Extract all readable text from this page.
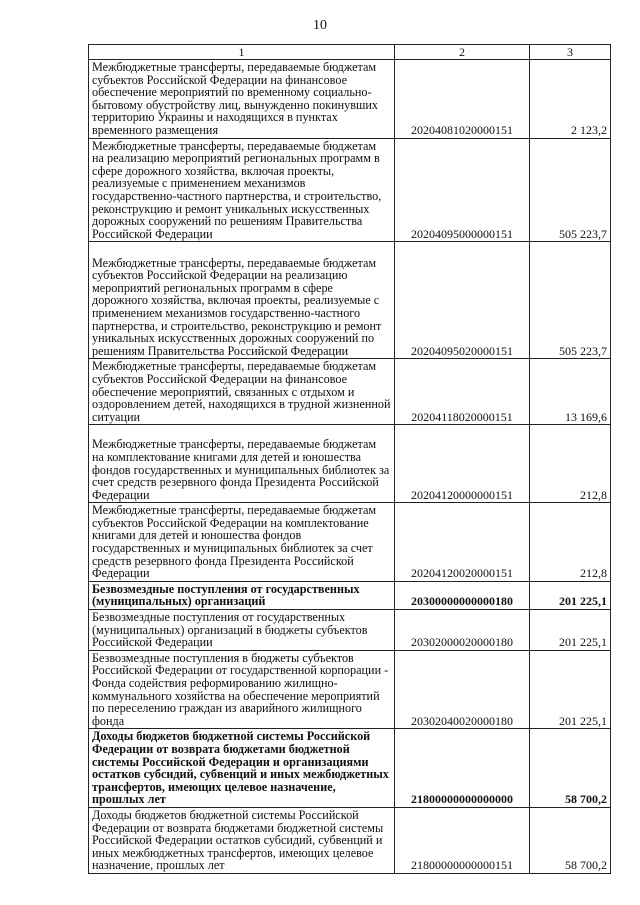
10
1	2	3
Межбюджетные трансферты, передаваемые бюджетам субъектов Российской Федерации на финансовое обеспечение мероприятий по временному социально-бытовому обустройству лиц, вынужденно покинувших территорию Украины и находящихся в пунктах временного размещения	20204081020000151	2 123,2
Межбюджетные трансферты, передаваемые бюджетам на реализацию мероприятий региональных программ в сфере дорожного хозяйства, включая проекты, реализуемые с применением механизмов государственно-частного партнерства, и строительство, реконструкцию и ремонт уникальных искусственных дорожных сооружений по решениям Правительства Российской Федерации	20204095000000151	505 223,7
Межбюджетные трансферты, передаваемые бюджетам субъектов Российской Федерации на реализацию мероприятий региональных программ в сфере дорожного хозяйства, включая проекты, реализуемые с применением механизмов государственно-частного партнерства, и строительство, реконструкцию и ремонт уникальных искусственных дорожных сооружений по решениям Правительства Российской Федерации	20204095020000151	505 223,7
Межбюджетные трансферты, передаваемые бюджетам субъектов Российской Федерации на финансовое обеспечение мероприятий, связанных с отдыхом и оздоровлением детей, находящихся в трудной жизненной ситуации	20204118020000151	13 169,6
Межбюджетные трансферты, передаваемые бюджетам на комплектование книгами для детей и юношества фондов государственных и муниципальных библиотек за счет средств резервного фонда Президента Российской Федерации	20204120000000151	212,8
Межбюджетные трансферты, передаваемые бюджетам субъектов Российской Федерации на комплектование книгами для детей и юношества фондов государственных и муниципальных библиотек за счет средств резервного фонда Президента Российской Федерации	20204120020000151	212,8
Безвозмездные поступления от государственных (муниципальных) организаций	20300000000000180	201 225,1
Безвозмездные поступления от государственных (муниципальных) организаций в бюджеты субъектов Российской Федерации	20302000020000180	201 225,1
Безвозмездные поступления в бюджеты субъектов Российской Федерации от государственной корпорации - Фонда содействия реформированию жилищно-коммунального хозяйства на обеспечение мероприятий по переселению граждан из аварийного жилищного фонда	20302040020000180	201 225,1
Доходы бюджетов бюджетной системы Российской Федерации от возврата бюджетами бюджетной системы Российской Федерации и организациями остатков субсидий, субвенций и иных межбюджетных трансфертов, имеющих целевое назначение, прошлых лет	21800000000000000	58 700,2
Доходы бюджетов бюджетной системы Российской Федерации от возврата бюджетами бюджетной системы Российской Федерации остатков субсидий, субвенций и иных межбюджетных трансфертов, имеющих целевое назначение, прошлых лет	21800000000000151	58 700,2
